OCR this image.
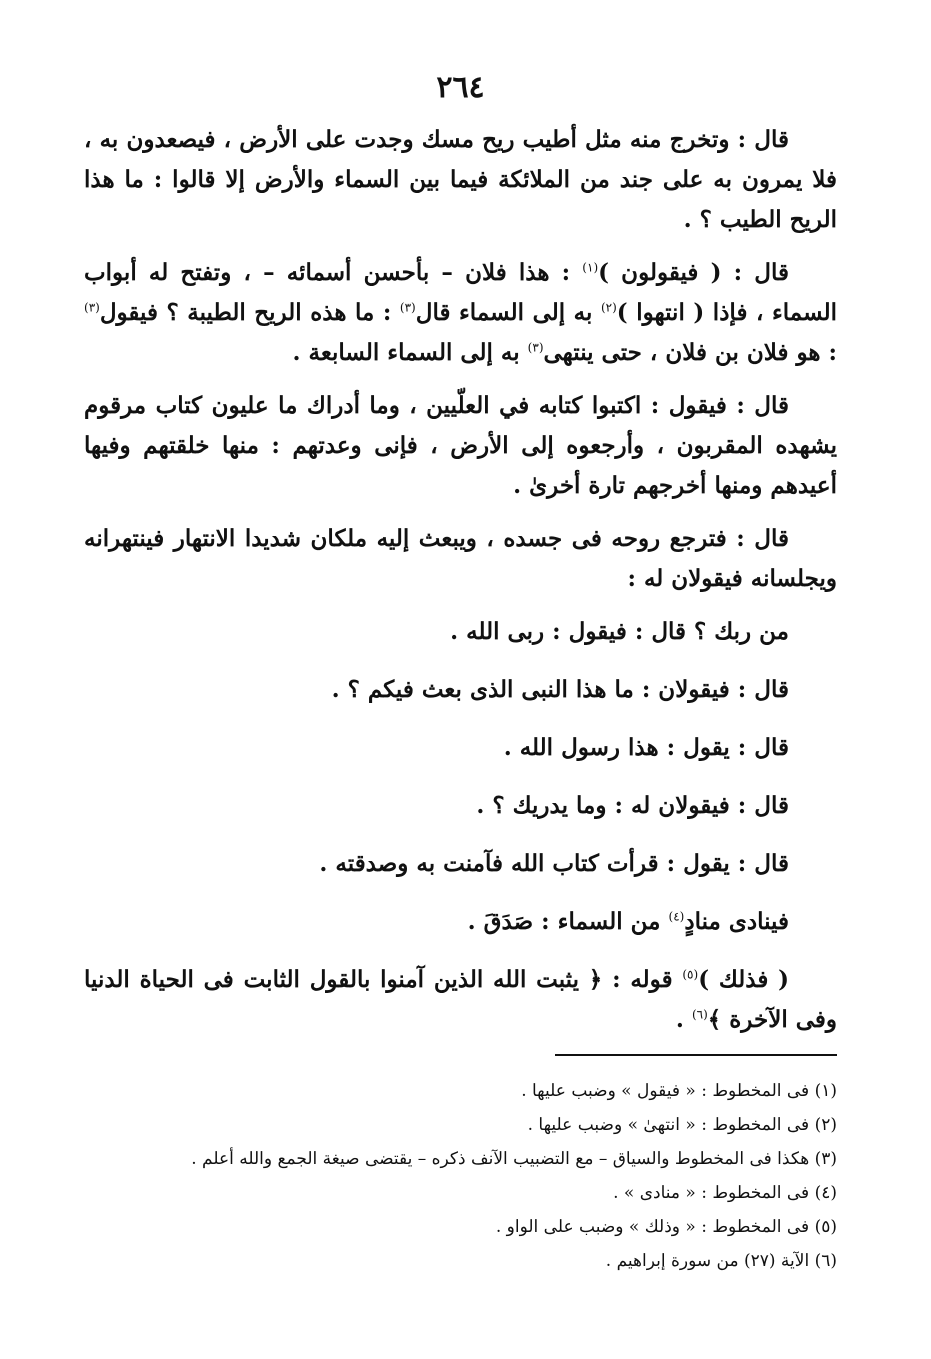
٢٦٤

قال : وتخرج منه مثل أطيب ريح مسك وجدت على الأرض ، فيصعدون به ، فلا يمرون به على جند من الملائكة فيما بين السماء والأرض إلا قالوا : ما هذا الريح الطيب ؟ .

قال : ( فيقولون )$^{(١)}$ : هذا فلان – بأحسن أسمائه – ، وتفتح له أبواب السماء ، فإذا ( انتهوا )$^{(٢)}$ به إلى السماء قال$^{(٣)}$ : ما هذه الريح الطيبة ؟ فيقول$^{(٣)}$ : هو فلان بن فلان ، حتى ينتهى$^{(٣)}$ به إلى السماء السابعة .

قال : فيقول : اكتبوا كتابه في العلّيين ، وما أدراك ما عليون كتاب مرقوم يشهده المقربون ، وأرجعوه إلى الأرض ، فإنى وعدتهم : منها خلقتهم وفيها أعيدهم ومنها أخرجهم تارة أخرىٰ .

قال : فترجع روحه فى جسده ، ويبعث إليه ملكان شديدا الانتهار فينتهرانه ويجلسانه فيقولان له :

من ربك ؟ قال : فيقول : ربى الله .
قال : فيقولان : ما هذا النبى الذى بعث فيكم ؟ .
قال : يقول : هذا رسول الله .
قال : فيقولان له : وما يدريك ؟ .
قال : يقول : قرأت كتاب الله فآمنت به وصدقته .
فينادى منادٍ$^{(٤)}$ من السماء : صَدَقَ .

( فذلك )$^{(٥)}$ قوله : ﴿ يثبت الله الذين آمنوا بالقول الثابت فى الحياة الدنيا وفى الآخرة ﴾$^{(٦)}$ .

(١) فى المخطوط : « فيقول » وضبب عليها .
(٢) فى المخطوط : « انتهىٰ » وضبب عليها .
(٣) هكذا فى المخطوط والسياق – مع التضبيب الآنف ذكره – يقتضى صيغة الجمع والله أعلم .
(٤) فى المخطوط : « منادى » .
(٥) فى المخطوط : « وذلك » وضبب على الواو .
(٦) الآية (٢٧) من سورة إبراهيم .
